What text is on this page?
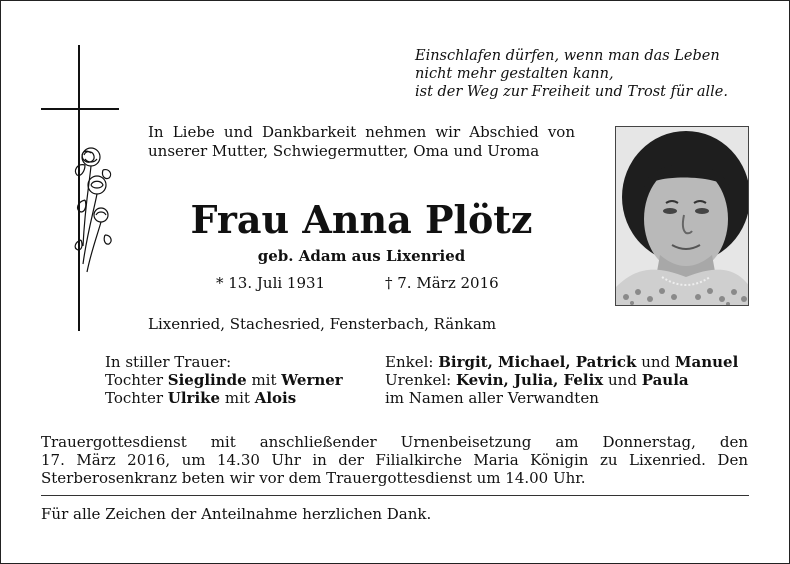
Einschlafen dürfen, wenn man das Leben
nicht mehr gestalten kann,
ist der Weg zur Freiheit und Trost für alle.
In Liebe und Dankbarkeit nehmen wir Abschied von unserer Mutter, Schwiegermutter, Oma und Uroma
Frau Anna Plötz
geb. Adam aus Lixenried
* 13. Juli 1931	† 7. März 2016
Lixenried, Stachesried, Fensterbach, Ränkam
In stiller Trauer:
Tochter Sieglinde mit Werner
Tochter Ulrike mit Alois
Enkel: Birgit, Michael, Patrick und Manuel
Urenkel: Kevin, Julia, Felix und Paula
im Namen aller Verwandten
Trauergottesdienst mit anschließender Urnenbeisetzung am Donnerstag, den
17. März 2016, um 14.30 Uhr in der Filialkirche Maria Königin zu Lixenried. Den
Sterberosenkranz beten wir vor dem Trauergottesdienst um 14.00 Uhr.
Für alle Zeichen der Anteilnahme herzlichen Dank.
